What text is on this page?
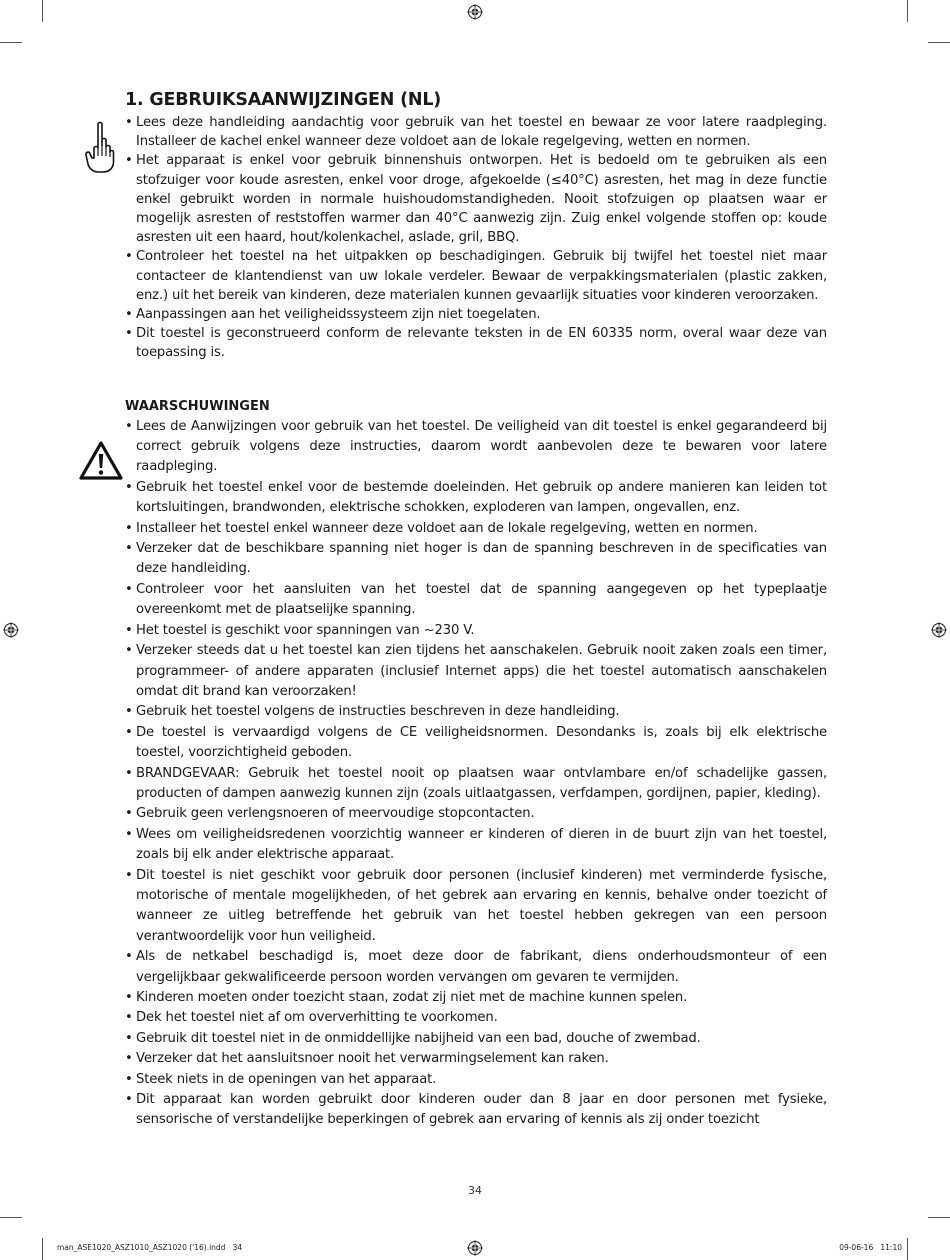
1. GEBRUIKSAANWIJZINGEN (NL)
• Lees deze handleiding aandachtig voor gebruik van het toestel en bewaar ze voor latere raadpleging. Installeer de kachel enkel wanneer deze voldoet aan de lokale regelgeving, wetten en normen.
• Het apparaat is enkel voor gebruik binnenshuis ontworpen. Het is bedoeld om te gebruiken als een stofzuiger voor koude asresten, enkel voor droge, afgekoelde (≤40°C) asresten, het mag in deze functie enkel gebruikt worden in normale huishoudomstandigheden. Nooit stofzuigen op plaatsen waar er mogelijk asresten of reststoffen warmer dan 40°C aanwezig zijn. Zuig enkel volgende stoffen op: koude asresten uit een haard, hout/kolenkachel, aslade, gril, BBQ.
• Controleer het toestel na het uitpakken op beschadigingen. Gebruik bij twijfel het toestel niet maar contacteer de klantendienst van uw lokale verdeler. Bewaar de verpakkingsmaterialen (plastic zakken, enz.) uit het bereik van kinderen, deze materialen kunnen gevaarlijk situaties voor kinderen veroorzaken.
• Aanpassingen aan het veiligheidssysteem zijn niet toegelaten.
• Dit toestel is geconstrueerd conform de relevante teksten in de EN 60335 norm, overal waar deze van toepassing is.
WAARSCHUWINGEN
• Lees de Aanwijzingen voor gebruik van het toestel. De veiligheid van dit toestel is enkel gegarandeerd bij correct gebruik volgens deze instructies, daarom wordt aanbevolen deze te bewaren voor latere raadpleging.
• Gebruik het toestel enkel voor de bestemde doeleinden. Het gebruik op andere manieren kan leiden tot kortsluitingen, brandwonden, elektrische schokken, exploderen van lampen, ongevallen, enz.
• Installeer het toestel enkel wanneer deze voldoet aan de lokale regelgeving, wetten en normen.
• Verzeker dat de beschikbare spanning niet hoger is dan de spanning beschreven in de specificaties van deze handleiding.
• Controleer voor het aansluiten van het toestel dat de spanning aangegeven op het typeplaatje overeenkomt met de plaatselijke spanning.
• Het toestel is geschikt voor spanningen van ~230 V.
• Verzeker steeds dat u het toestel kan zien tijdens het aanschakelen. Gebruik nooit zaken zoals een timer, programmeer- of andere apparaten (inclusief Internet apps) die het toestel automatisch aanschakelen omdat dit brand kan veroorzaken!
• Gebruik het toestel volgens de instructies beschreven in deze handleiding.
• De toestel is vervaardigd volgens de CE veiligheidsnormen. Desondanks is, zoals bij elk elektrische toestel, voorzichtigheid geboden.
• BRANDGEVAAR: Gebruik het toestel nooit op plaatsen waar ontvlambare en/of schadelijke gassen, producten of dampen aanwezig kunnen zijn (zoals uitlaatgassen, verfdampen, gordijnen, papier, kleding).
• Gebruik geen verlengsnoeren of meervoudige stopcontacten.
• Wees om veiligheidsredenen voorzichtig wanneer er kinderen of dieren in de buurt zijn van het toestel, zoals bij elk ander elektrische apparaat.
• Dit toestel is niet geschikt voor gebruik door personen (inclusief kinderen) met verminderde fysische, motorische of mentale mogelijkheden, of het gebrek aan ervaring en kennis, behalve onder toezicht of wanneer ze uitleg betreffende het gebruik van het toestel hebben gekregen van een persoon verantwoordelijk voor hun veiligheid.
• Als de netkabel beschadigd is, moet deze door de fabrikant, diens onderhoudsmonteur of een vergelijkbaar gekwalificeerde persoon worden vervangen om gevaren te vermijden.
• Kinderen moeten onder toezicht staan, zodat zij niet met de machine kunnen spelen.
• Dek het toestel niet af om oververhitting te voorkomen.
• Gebruik dit toestel niet in de onmiddellijke nabijheid van een bad, douche of zwembad.
• Verzeker dat het aansluitsnoer nooit het verwarmingselement kan raken.
• Steek niets in de openingen van het apparaat.
• Dit apparaat kan worden gebruikt door kinderen ouder dan 8 jaar en door personen met fysieke, sensorische of verstandelijke beperkingen of gebrek aan ervaring of kennis als zij onder toezicht
34
man_ASE1020_ASZ1010_ASZ1020 ('16).indd   34	09-06-16   11:10
